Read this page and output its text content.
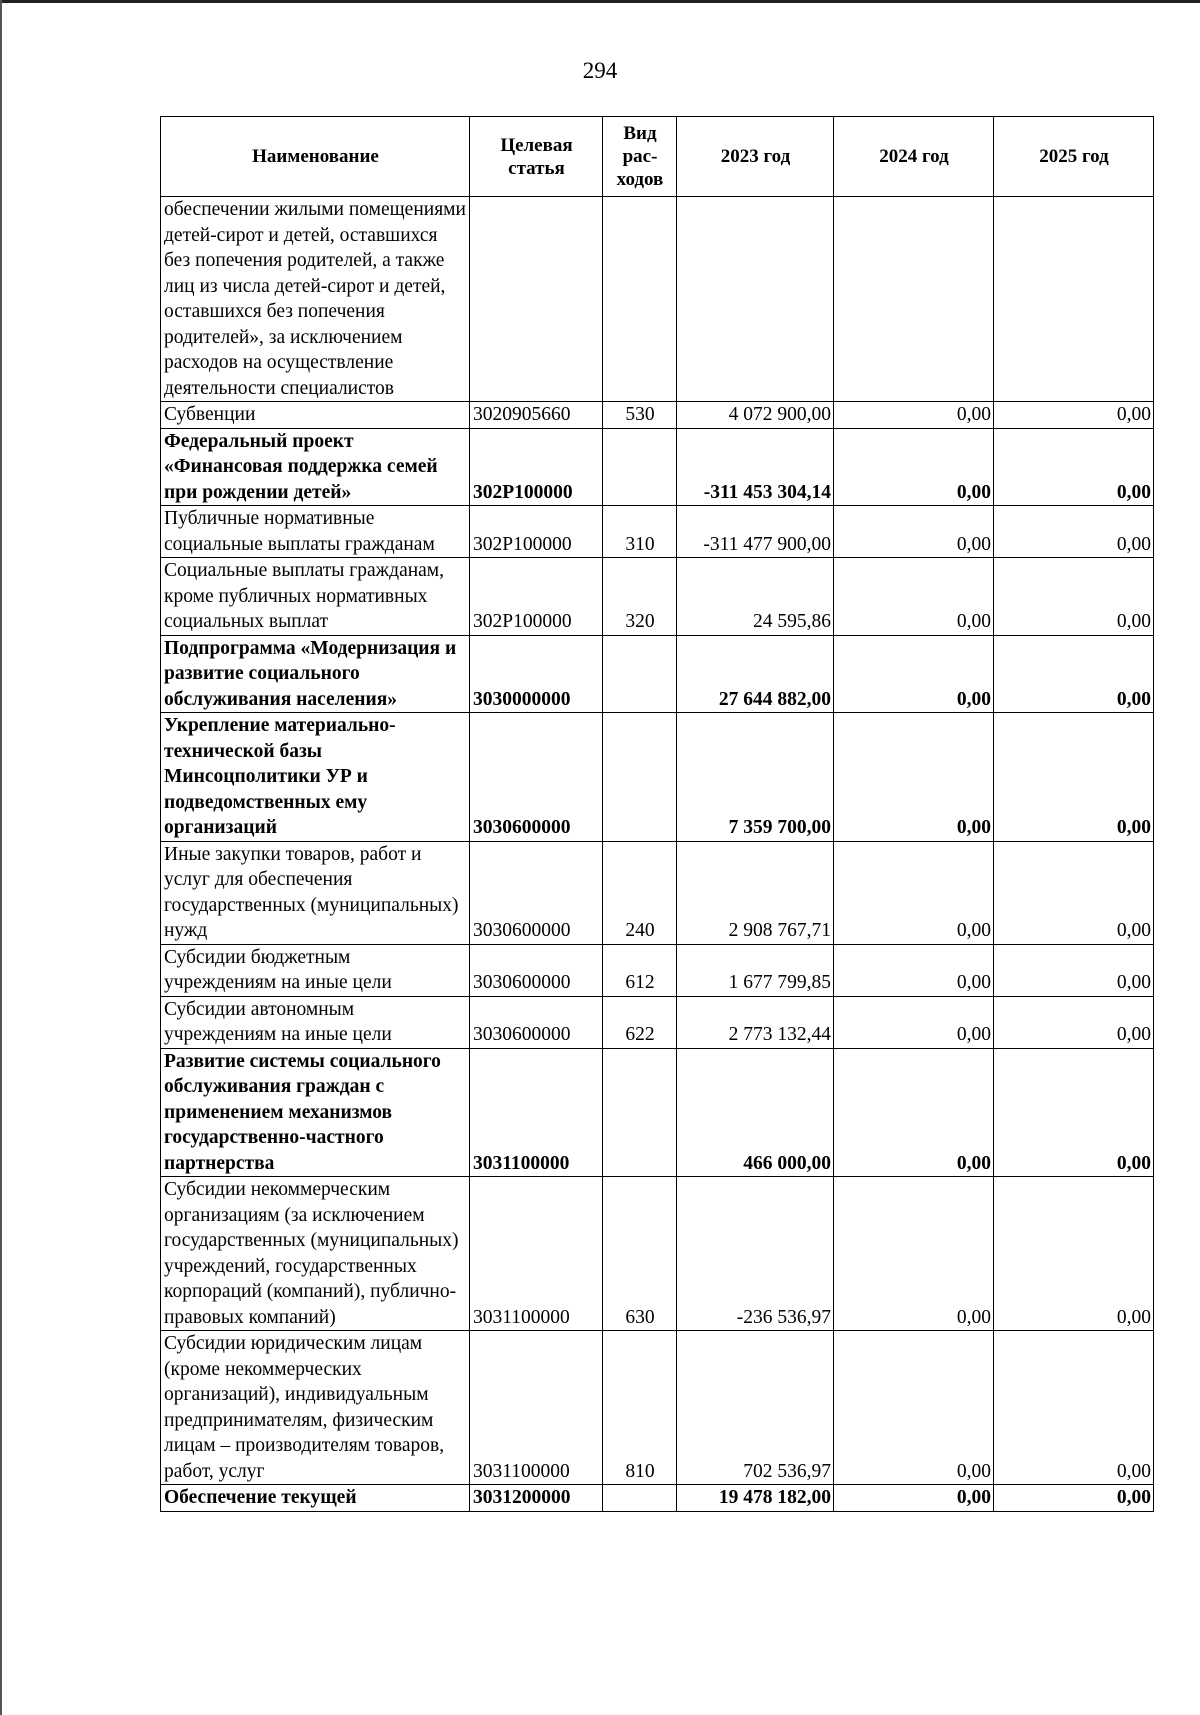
294
Наименование	Целевая статья	Вид рас-ходов	2023 год	2024 год	2025 год
обеспечении жилыми помещениями детей-сирот и детей, оставшихся без попечения родителей, а также лиц из числа детей-сирот и детей, оставшихся без попечения родителей», за исключением расходов на осуществление деятельности специалистов					
Субвенции	3020905660	530	4 072 900,00	0,00	0,00
Федеральный проект «Финансовая поддержка семей при рождении детей»	302Р100000		-311 453 304,14	0,00	0,00
Публичные нормативные социальные выплаты гражданам	302Р100000	310	-311 477 900,00	0,00	0,00
Социальные выплаты гражданам, кроме публичных нормативных социальных выплат	302Р100000	320	24 595,86	0,00	0,00
Подпрограмма «Модернизация и развитие социального обслуживания населения»	3030000000		27 644 882,00	0,00	0,00
Укрепление материально-технической базы Минсоцполитики УР и подведомственных ему организаций	3030600000		7 359 700,00	0,00	0,00
Иные закупки товаров, работ и услуг для обеспечения государственных (муниципальных) нужд	3030600000	240	2 908 767,71	0,00	0,00
Субсидии бюджетным учреждениям на иные цели	3030600000	612	1 677 799,85	0,00	0,00
Субсидии автономным учреждениям на иные цели	3030600000	622	2 773 132,44	0,00	0,00
Развитие системы социального обслуживания граждан с применением механизмов государственно-частного партнерства	3031100000		466 000,00	0,00	0,00
Субсидии некоммерческим организациям (за исключением государственных (муниципальных) учреждений, государственных корпораций (компаний), публично-правовых компаний)	3031100000	630	-236 536,97	0,00	0,00
Субсидии юридическим лицам (кроме некоммерческих организаций), индивидуальным предпринимателям, физическим лицам – производителям товаров, работ, услуг	3031100000	810	702 536,97	0,00	0,00
Обеспечение текущей	3031200000		19 478 182,00	0,00	0,00
